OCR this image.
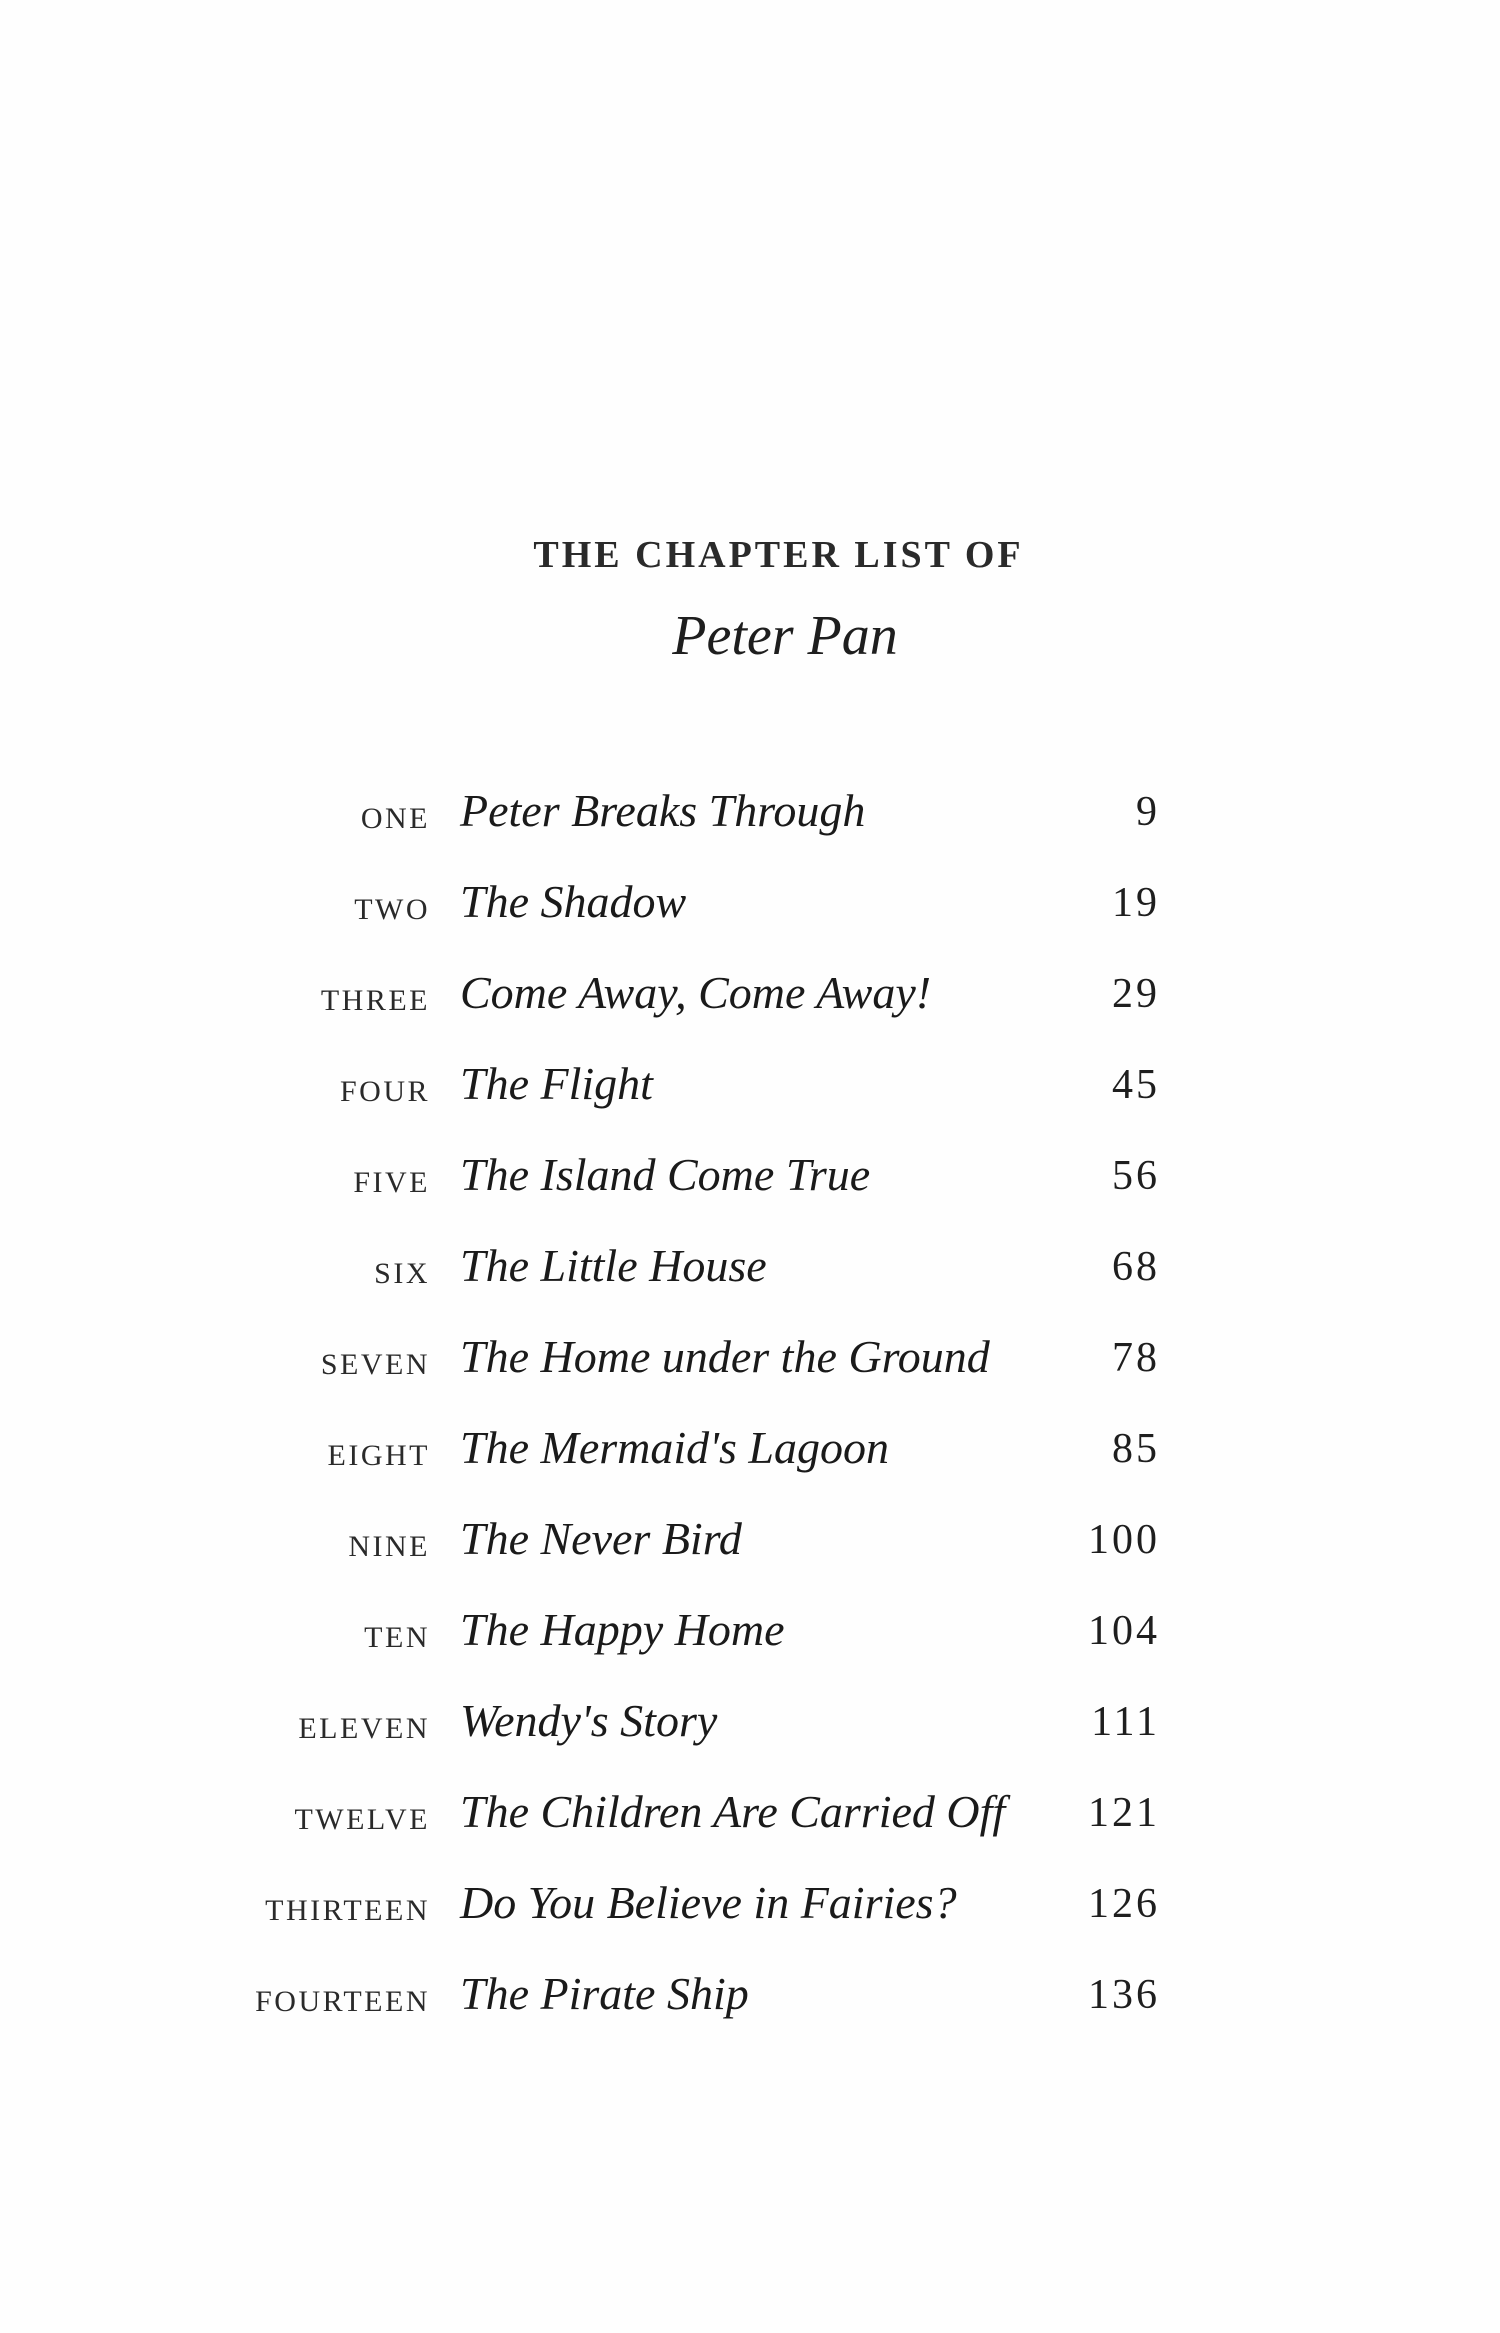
THE CHAPTER LIST OF
Peter Pan
ONE Peter Breaks Through	9
TWO The Shadow	19
THREE Come Away, Come Away!	29
FOUR The Flight	45
FIVE The Island Come True	56
SIX The Little House	68
SEVEN The Home under the Ground	78
EIGHT The Mermaid's Lagoon	85
NINE The Never Bird	100
TEN The Happy Home	104
ELEVEN Wendy's Story	111
TWELVE The Children Are Carried Off 121
THIRTEEN Do You Believe in Fairies?	126
FOURTEEN The Pirate Ship	136
